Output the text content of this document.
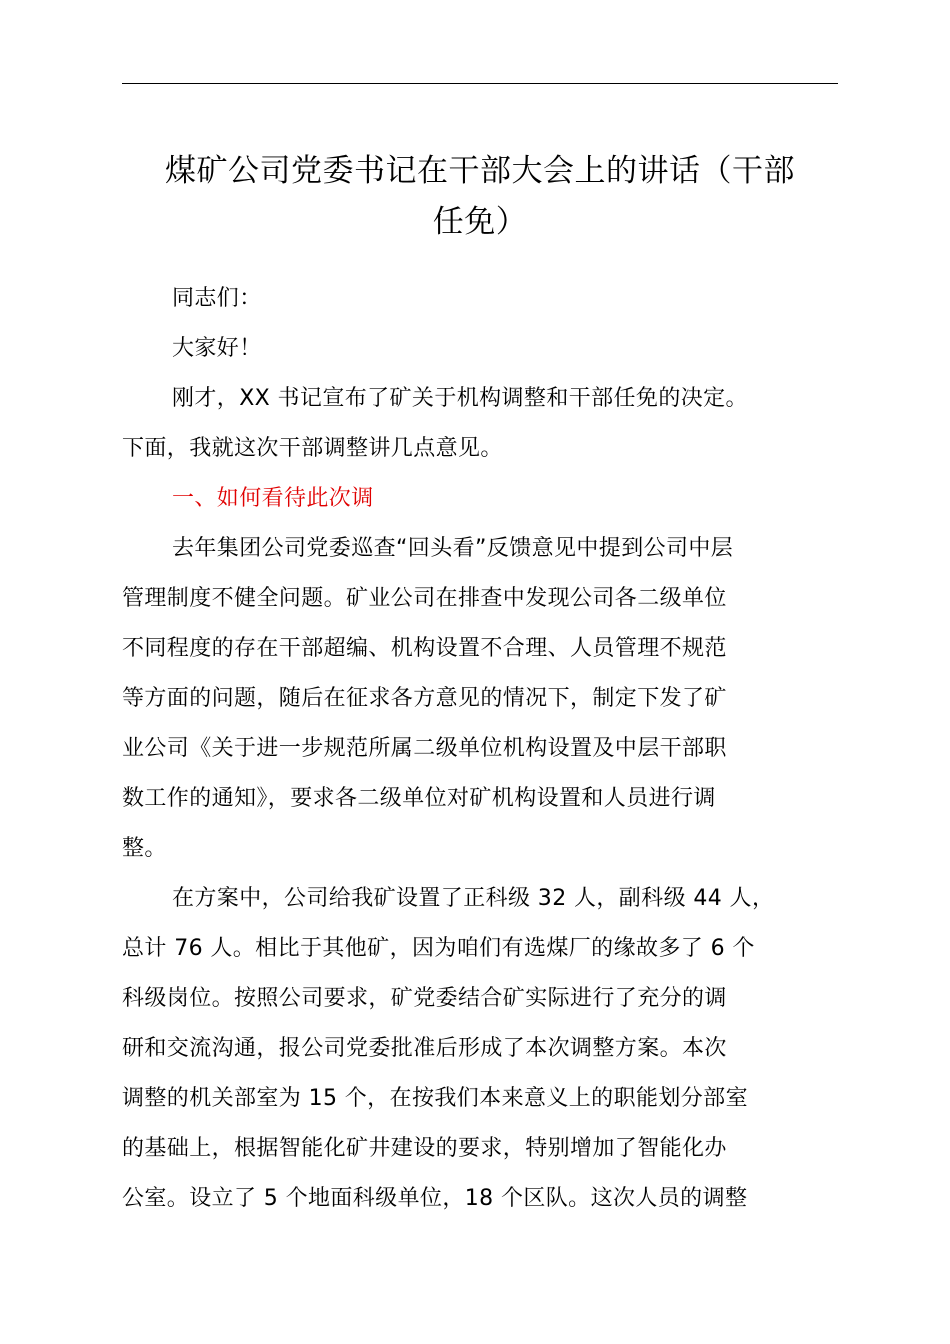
煤矿公司党委书记在干部大会上的讲话（干部
任免）
同志们：
大家好！
刚才，XX 书记宣布了矿关于机构调整和干部任免的决定。
下面，我就这次干部调整讲几点意见。
一、如何看待此次调
去年集团公司党委巡查“回头看”反馈意见中提到公司中层
管理制度不健全问题。矿业公司在排查中发现公司各二级单位
不同程度的存在干部超编、机构设置不合理、人员管理不规范
等方面的问题，随后在征求各方意见的情况下，制定下发了矿
业公司《关于进一步规范所属二级单位机构设置及中层干部职
数工作的通知》，要求各二级单位对矿机构设置和人员进行调
整。
在方案中，公司给我矿设置了正科级 32 人，副科级 44 人，
总计 76 人。相比于其他矿，因为咱们有选煤厂的缘故多了 6 个
科级岗位。按照公司要求，矿党委结合矿实际进行了充分的调
研和交流沟通，报公司党委批准后形成了本次调整方案。本次
调整的机关部室为 15 个，在按我们本来意义上的职能划分部室
的基础上，根据智能化矿井建设的要求，特别增加了智能化办
公室。设立了 5 个地面科级单位，18 个区队。这次人员的调整
